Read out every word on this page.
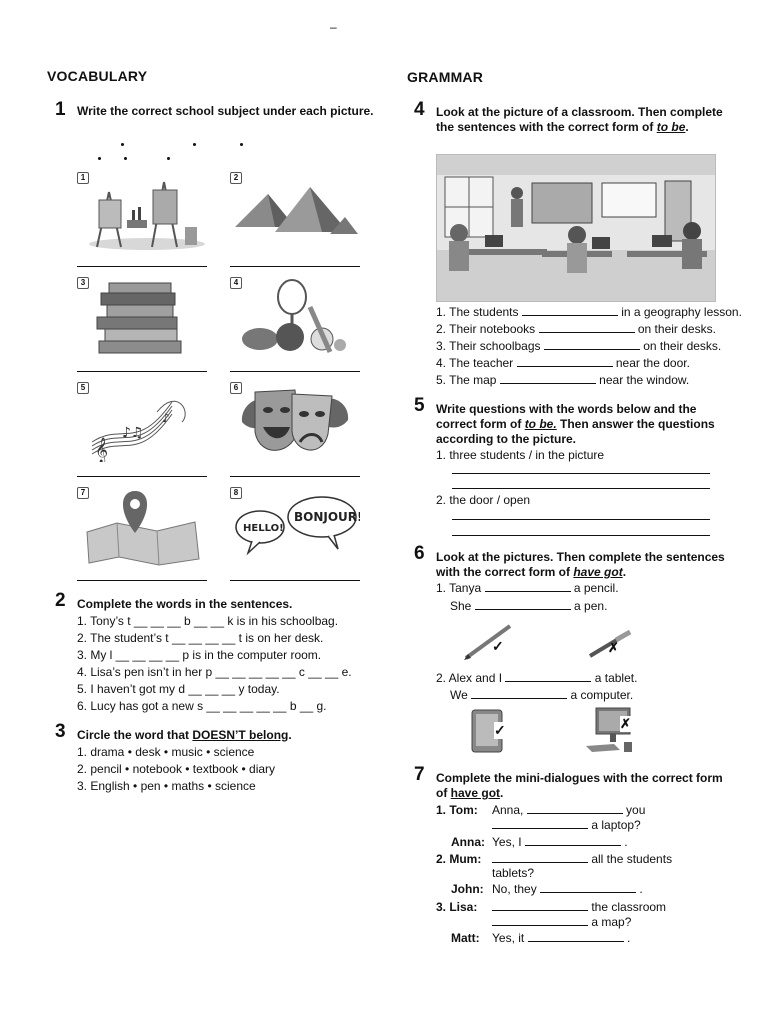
–
VOCABULARY
1 Write the correct school subject under each picture.
1	2
3	4
5
𝄞
♪♫
♪
6
7	8
HELLO!
BONJOUR!
2 Complete the words in the sentences.
1. Tony’s t __ __ __ b __ __ k is in his schoolbag.
2. The student’s t __ __ __ __ t is on her desk.
3. My l __ __ __ __ p is in the computer room.
4. Lisa’s pen isn’t in her p __ __ __ __ __ c __ __ e.
5. I haven’t got my d __ __ __ y today.
6. Lucy has got a new s __ __ __ __ __ b __ g.
3 Circle the word that DOESN’T belong.
1. drama • desk • music • science
2. pencil • notebook • textbook • diary
3. English • pen • maths • science
GRAMMAR
4 Look at the picture of a classroom. Then complete the sentences with the correct form of to be.
1. The students	in a geography lesson.
2. Their notebooks	on their desks.
3. Their schoolbags	on their desks.
4. The teacher	near the door.
5. The map	near the window.
5 Write questions with the words below and the correct form of to be. Then answer the questions according to the picture.
1. three students / in the picture
2. the door / open
6 Look at the pictures. Then complete the sentences with the correct form of have got.
1. Tanya	a pencil.
She	a pen.
✓	✗
2. Alex and I	a tablet.
We	a computer.
✓	✗
7 Complete the mini-dialogues with the correct form of have got.
1. Tom: Anna,	you
a laptop?
Anna: Yes, I	.
2. Mum:	all the students
tablets?
John: No, they	.
3. Lisa:	the classroom
a map?
Matt: Yes, it	.
